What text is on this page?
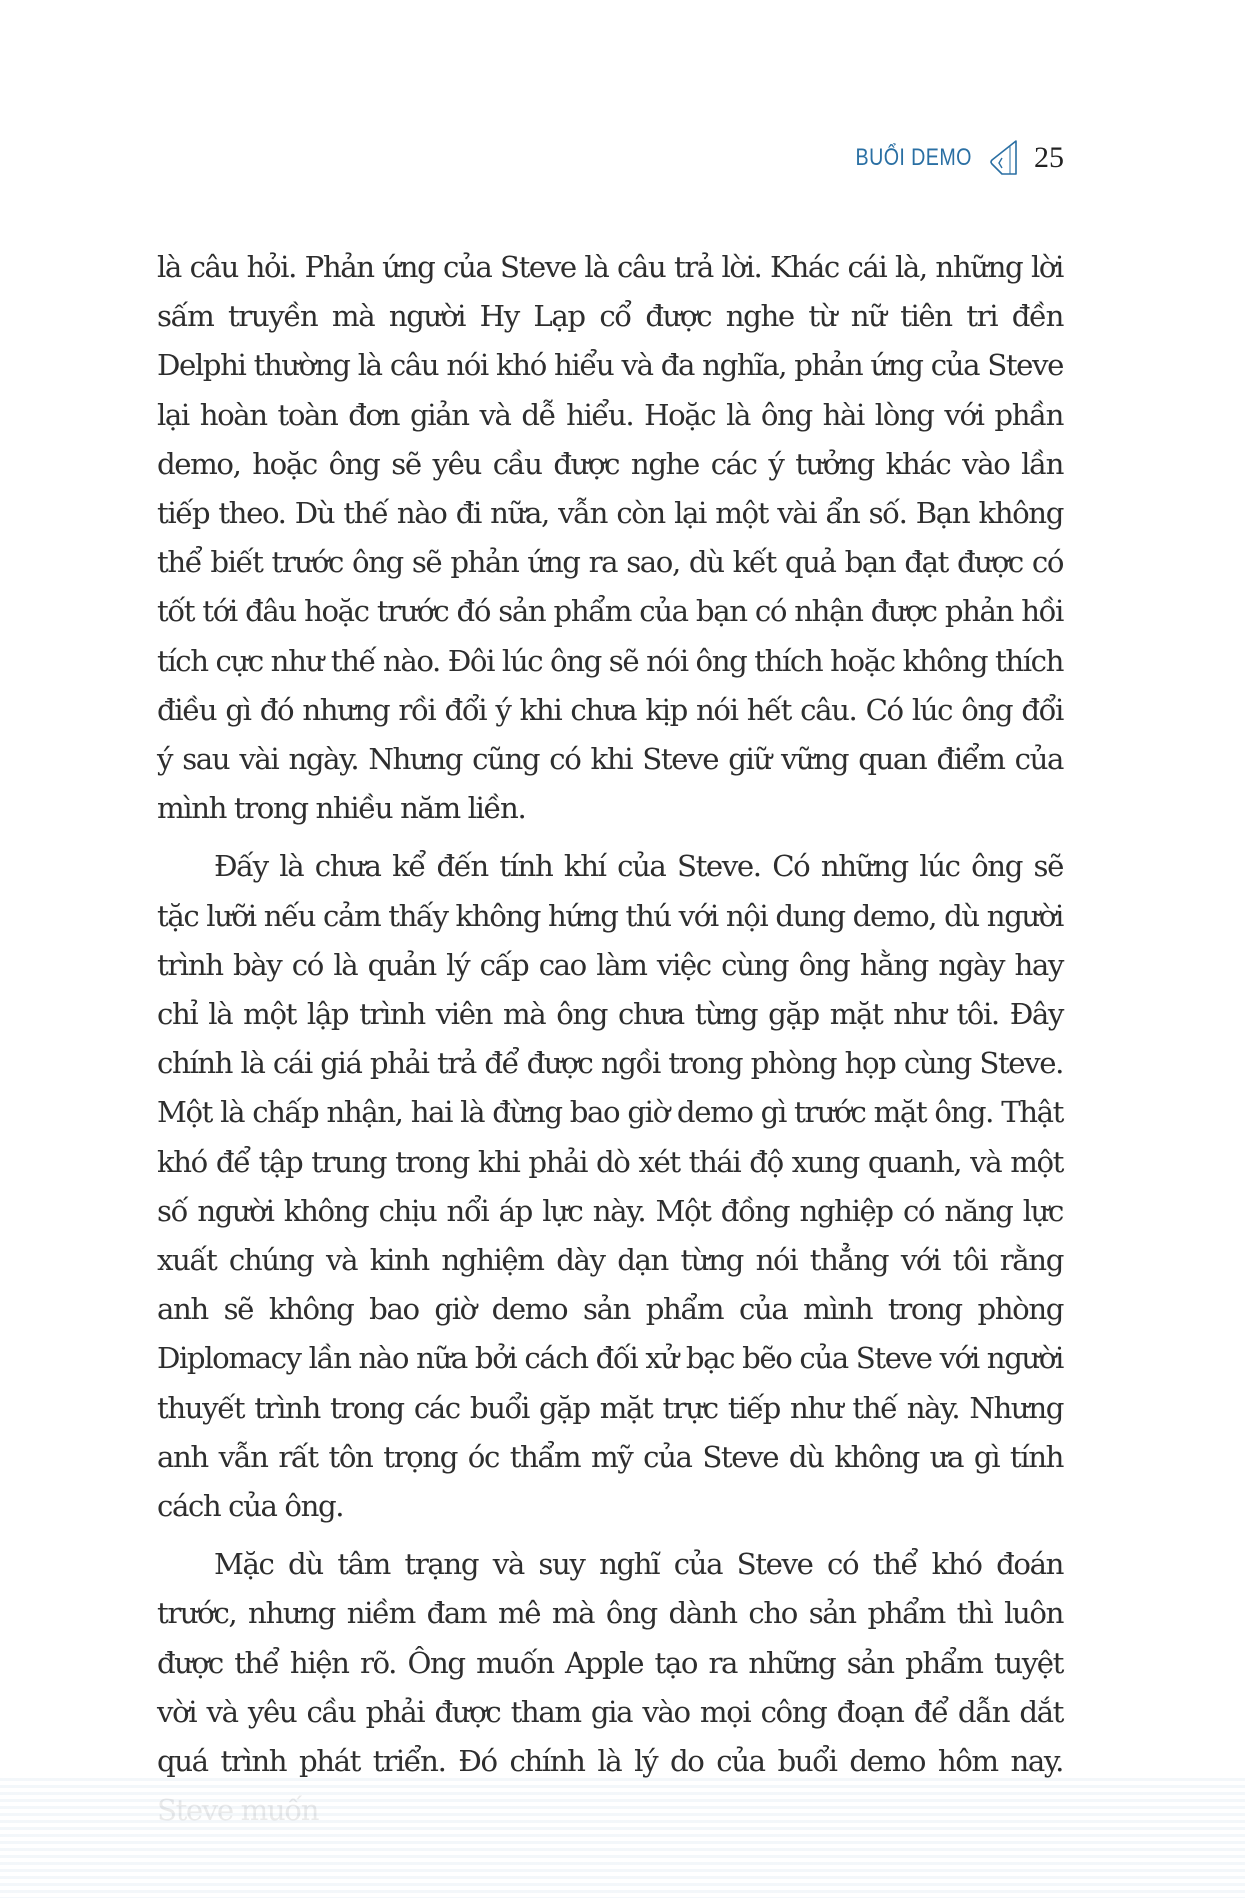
BUỔI DEMO 25

là câu hỏi. Phản ứng của Steve là câu trả lời. Khác cái là, những lời sấm truyền mà người Hy Lạp cổ được nghe từ nữ tiên tri đền Delphi thường là câu nói khó hiểu và đa nghĩa, phản ứng của Steve lại hoàn toàn đơn giản và dễ hiểu. Hoặc là ông hài lòng với phần demo, hoặc ông sẽ yêu cầu được nghe các ý tưởng khác vào lần tiếp theo. Dù thế nào đi nữa, vẫn còn lại một vài ẩn số. Bạn không thể biết trước ông sẽ phản ứng ra sao, dù kết quả bạn đạt được có tốt tới đâu hoặc trước đó sản phẩm của bạn có nhận được phản hồi tích cực như thế nào. Đôi lúc ông sẽ nói ông thích hoặc không thích điều gì đó nhưng rồi đổi ý khi chưa kịp nói hết câu. Có lúc ông đổi ý sau vài ngày. Nhưng cũng có khi Steve giữ vững quan điểm của mình trong nhiều năm liền.

Đấy là chưa kể đến tính khí của Steve. Có những lúc ông sẽ tặc lưỡi nếu cảm thấy không hứng thú với nội dung demo, dù người trình bày có là quản lý cấp cao làm việc cùng ông hằng ngày hay chỉ là một lập trình viên mà ông chưa từng gặp mặt như tôi. Đây chính là cái giá phải trả để được ngồi trong phòng họp cùng Steve. Một là chấp nhận, hai là đừng bao giờ demo gì trước mặt ông. Thật khó để tập trung trong khi phải dò xét thái độ xung quanh, và một số người không chịu nổi áp lực này. Một đồng nghiệp có năng lực xuất chúng và kinh nghiệm dày dạn từng nói thẳng với tôi rằng anh sẽ không bao giờ demo sản phẩm của mình trong phòng Diplomacy lần nào nữa bởi cách đối xử bạc bẽo của Steve với người thuyết trình trong các buổi gặp mặt trực tiếp như thế này. Nhưng anh vẫn rất tôn trọng óc thẩm mỹ của Steve dù không ưa gì tính cách của ông.

Mặc dù tâm trạng và suy nghĩ của Steve có thể khó đoán trước, nhưng niềm đam mê mà ông dành cho sản phẩm thì luôn được thể hiện rõ. Ông muốn Apple tạo ra những sản phẩm tuyệt vời và yêu cầu phải được tham gia vào mọi công đoạn để dẫn dắt quá trình phát triển. Đó chính là lý do của buổi demo hôm nay.
